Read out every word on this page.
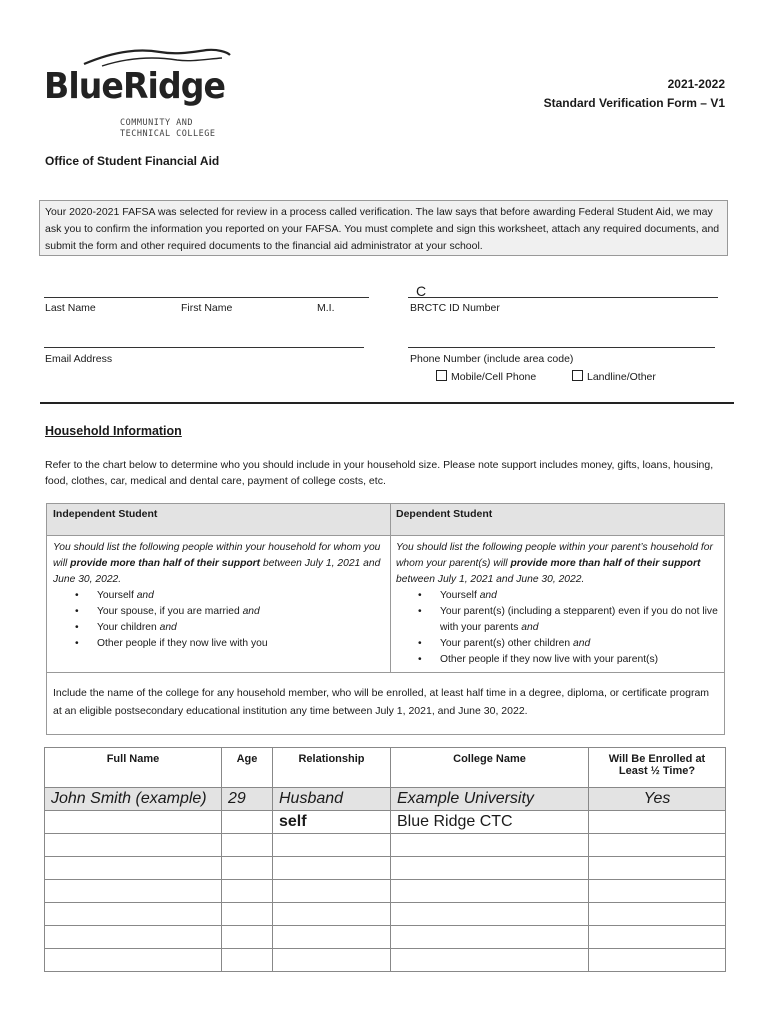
BlueRidge
COMMUNITY AND
TECHNICAL COLLEGE
2021-2022
Standard Verification Form – V1
Office of Student Financial Aid
Your 2020-2021 FAFSA was selected for review in a process called verification. The law says that before awarding Federal Student Aid, we may ask you to confirm the information you reported on your FAFSA. You must complete and sign this worksheet, attach any required documents, and submit the form and other required documents to the financial aid administrator at your school.
Last Name	First Name	M.I.
C
BRCTC ID Number
Email Address	Phone Number (include area code)
Mobile/Cell Phone	Landline/Other
Household Information
Refer to the chart below to determine who you should include in your household size. Please note support includes money, gifts, loans, housing, food, clothes, car, medical and dental care, payment of college costs, etc.
Independent Student	Dependent Student

You should list the following people within your household for whom you will provide more than half of their support between July 1, 2021 and June 30, 2022.

• Yourself and
• Your spouse, if you are married and
• Your children and
• Other people if they now live with you

You should list the following people within your parent’s household for whom your parent(s) will provide more than half of their support between July 1, 2021 and June 30, 2022.

• Yourself and
• Your parent(s) (including a stepparent) even if you do not live with your parents and
• Your parent(s) other children and
• Other people if they now live with your parent(s)
Include the name of the college for any household member, who will be enrolled, at least half time in a degree, diploma, or certificate program at an eligible postsecondary educational institution any time between July 1, 2021, and June 30, 2022.
Full Name	Age	Relationship	College Name	Will Be Enrolled at Least ½ Time?
John Smith (example)	29	Husband	Example University	Yes
		self	Blue Ridge CTC	
